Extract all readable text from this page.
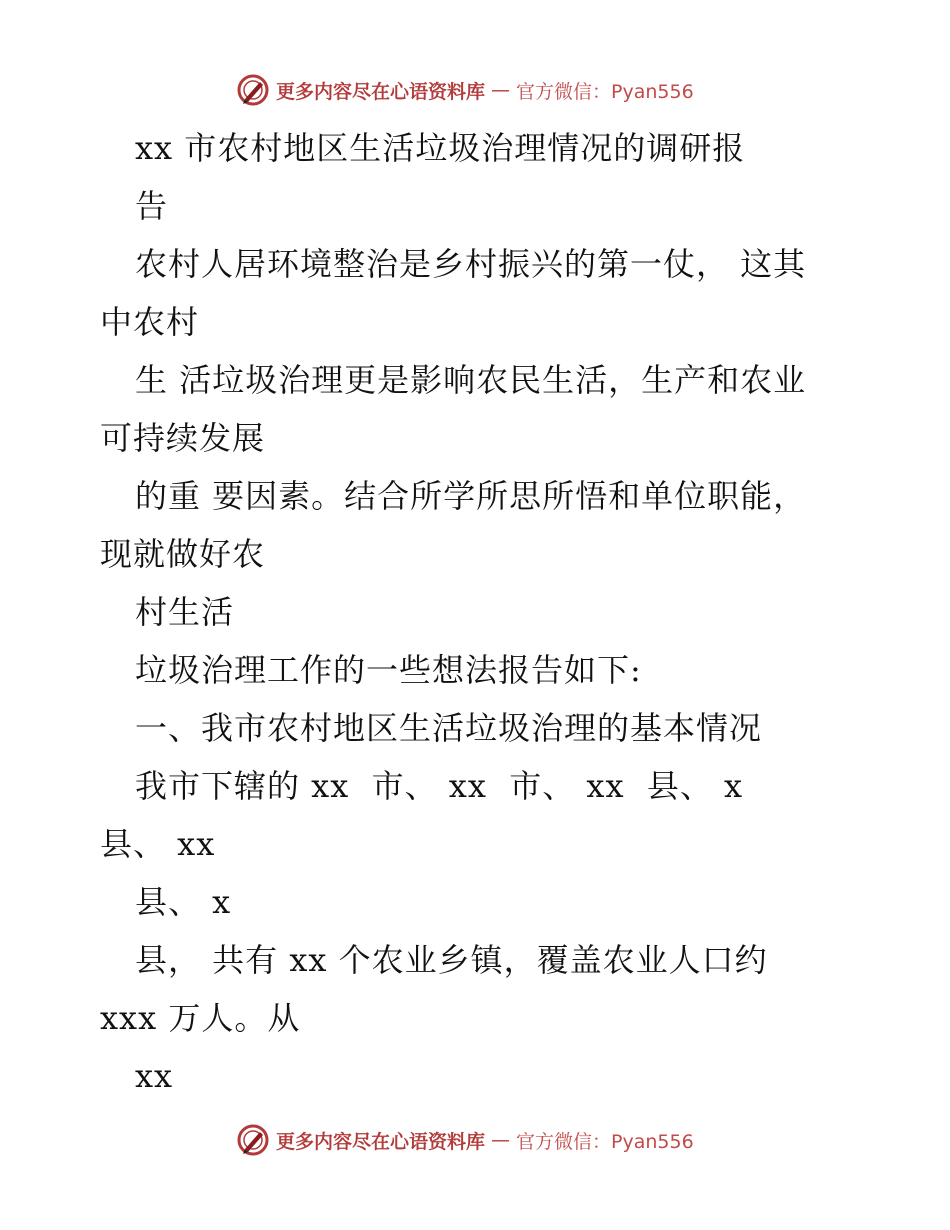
更多内容尽在心语资料库 — 官方微信：Pyan556
xx 市农村地区生活垃圾治理情况的调研报
告
农村人居环境整治是乡村振兴的第一仗， 这其
中农村
生 活垃圾治理更是影响农民生活，生产和农业
可持续发展
的重 要因素。结合所学所思所悟和单位职能，
现就做好农
村生活
垃圾治理工作的一些想法报告如下:
一、我市农村地区生活垃圾治理的基本情况
我市下辖的 xx  市、 xx  市、 xx  县、 x
县、 xx
县、 x
县， 共有 xx 个农业乡镇，覆盖农业人口约
xxx 万人。从
xx
更多内容尽在心语资料库 — 官方微信：Pyan556
